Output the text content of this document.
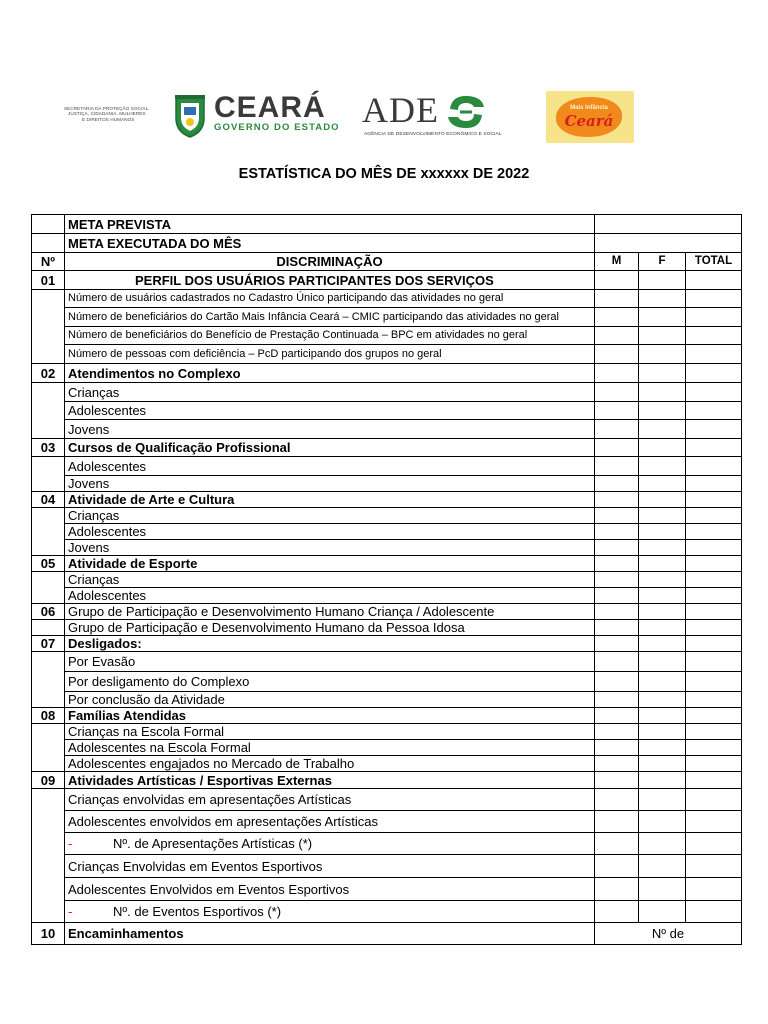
SECRETARIA DA PROTEÇÃO SOCIAL,
JUSTIÇA, CIDADANIA, MULHERES
E DIREITOS HUMANOS	CEARÁ
GOVERNO DO ESTADO ADE
AGÊNCIA DE DESENVOLVIMENTO ECONÔMICO E SOCIAL
Mais Infância
Ceará
ESTATÍSTICA DO MÊS DE xxxxxx DE 2022
	META PREVISTA			
	META EXECUTADA DO MÊS			
Nº	DISCRIMINAÇÃO	M	F	TOTAL
01	PERFIL DOS USUÁRIOS PARTICIPANTES DOS SERVIÇOS			
	Número de usuários cadastrados no Cadastro Único participando das atividades no geral			
	Número de beneficiários do Cartão Mais Infância Ceará – CMIC participando das atividades no geral			
	Número de beneficiários do Benefício de Prestação Continuada – BPC em atividades no geral			
	Número de pessoas com deficiência – PcD participando dos grupos no geral			
02	Atendimentos no Complexo			
	Crianças			
	Adolescentes			
	Jovens			
03	Cursos de Qualificação Profissional			
	Adolescentes			
	Jovens			
04	Atividade de Arte e Cultura			
	Crianças			
	Adolescentes			
	Jovens			
05	Atividade de Esporte			
	Crianças			
	Adolescentes			
06	Grupo de Participação e Desenvolvimento Humano Criança / Adolescente			
	Grupo de Participação e Desenvolvimento Humano da Pessoa Idosa			
07	Desligados:			
	Por Evasão			
	Por desligamento do Complexo			
	Por conclusão da Atividade			
08	Famílias Atendidas			
	Crianças na Escola Formal			
	Adolescentes na Escola Formal			
	Adolescentes engajados no Mercado de Trabalho			
09	Atividades Artísticas / Esportivas Externas			
	Crianças envolvidas em apresentações Artísticas			
	Adolescentes envolvidos em apresentações Artísticas			
	- Nº. de Apresentações Artísticas (*)			
	Crianças Envolvidas em Eventos Esportivos			
	Adolescentes Envolvidos em Eventos Esportivos			
	- Nº. de Eventos Esportivos (*)			
10	Encaminhamentos	Nº de		
